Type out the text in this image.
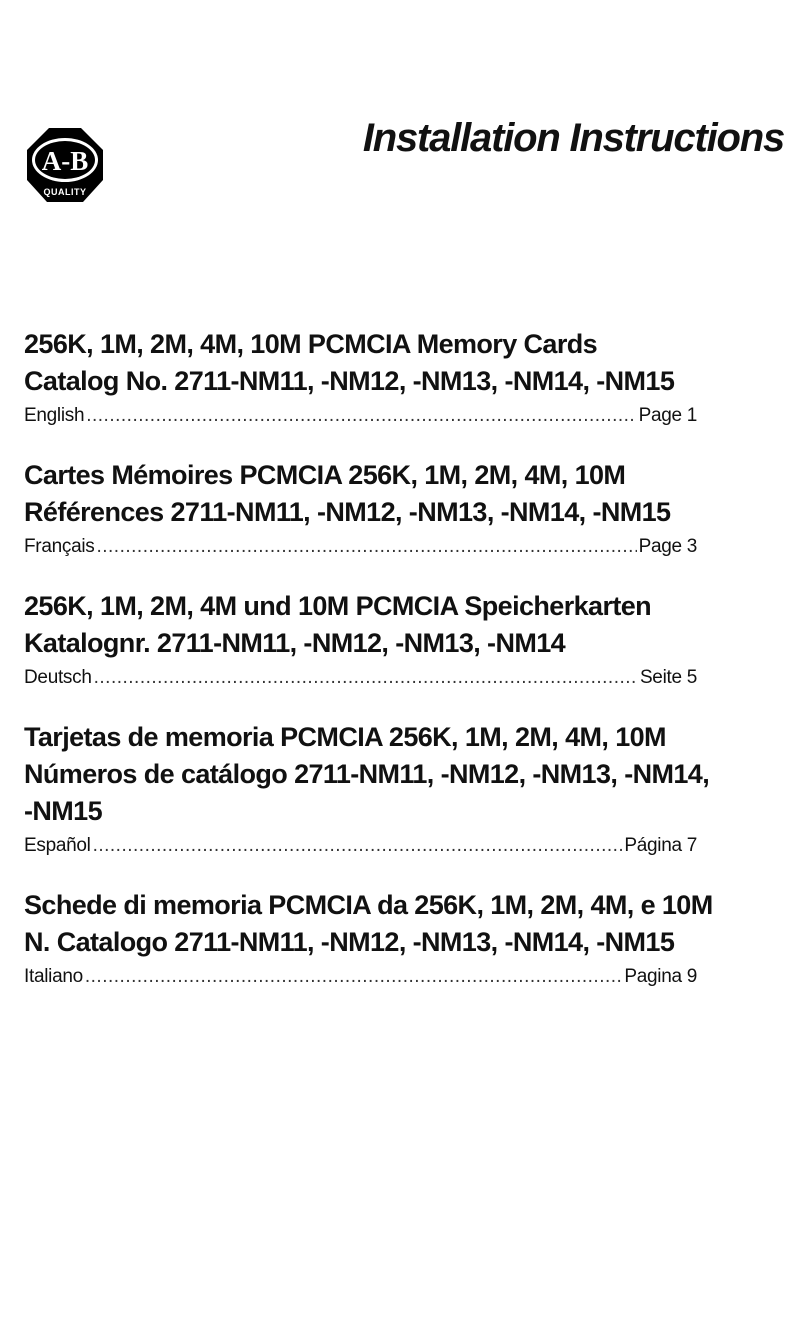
A-B
QUALITY
Installation Instructions
256K, 1M, 2M, 4M, 10M PCMCIA Memory Cards
Catalog No. 2711-NM11, -NM12, -NM13, -NM14, -NM15
English .....	Page 1
Cartes Mémoires PCMCIA 256K, 1M, 2M, 4M, 10M
Références 2711-NM11, -NM12, -NM13, -NM14, -NM15
Français .....	Page 3
256K, 1M, 2M, 4M und 10M PCMCIA Speicherkarten
Katalognr. 2711-NM11, -NM12, -NM13, -NM14
Deutsch .....	Seite 5
Tarjetas de memoria PCMCIA 256K, 1M, 2M, 4M, 10M
Números de catálogo 2711-NM11, -NM12, -NM13, -NM14,
-NM15
Español .....	Página 7
Schede di memoria PCMCIA da 256K, 1M, 2M, 4M, e 10M
N. Catalogo 2711-NM11, -NM12, -NM13, -NM14, -NM15
Italiano .....	Pagina 9
